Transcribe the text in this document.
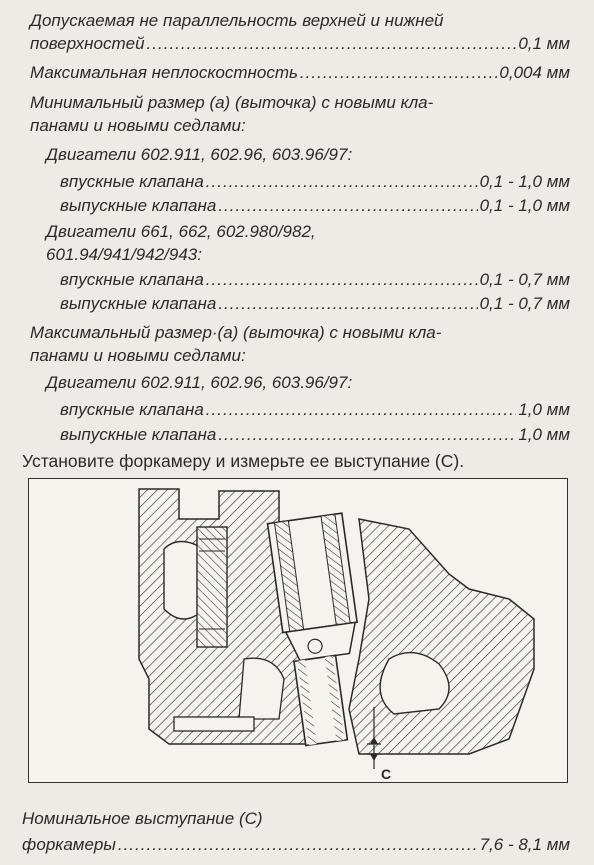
Допускаемая не параллельность верхней и нижней
поверхностей .....	0,1 мм
Максимальная неплоскостность .....	0,004 мм
Минимальный размер (а) (выточка) с новыми кла-
панами и новыми седлами:
Двигатели 602.911, 602.96, 603.96/97:
впускные клапана .....	0,1 - 1,0 мм
выпускные клапана .....	0,1 - 1,0 мм
Двигатели 661, 662, 602.980/982,
601.94/941/942/943:
впускные клапана .....	0,1 - 0,7 мм
выпускные клапана .....	0,1 - 0,7 мм
Максимальный размер·(а) (выточка) с новыми кла-
панами и новыми седлами:
Двигатели 602.911, 602.96, 603.96/97:
впускные клапана .....	1,0 мм
выпускные клапана .....	1,0 мм
Установите форкамеру и измерьте ее выступание (С).
C
Номинальное выступание (С)
форкамеры .....	7,6 - 8,1 мм
